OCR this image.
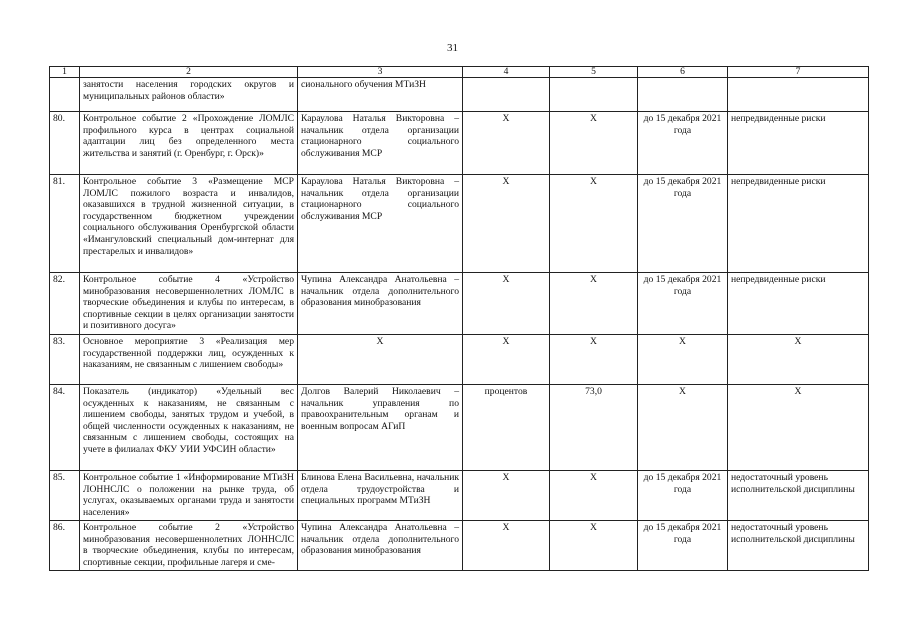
31
1	2	3	4	5	6	7
	занятости населения городских округов и муниципальных районов области»	сионального обучения МТиЗН				
80.	Контрольное событие 2 «Прохождение ЛОМЛС профильного курса в центрах социальной адаптации лиц без определенного места жительства и занятий (г. Оренбург, г. Орск)»	Караулова Наталья Викторовна – начальник отдела организации стационарного социального обслуживания МСР	X	X	до 15 декабря 2021 года	непредвиденные риски
81.	Контрольное событие 3 «Размещение МСР ЛОМЛС пожилого возраста и инвалидов, оказавшихся в трудной жизненной ситуации, в государственном бюджетном учреждении социального обслуживания Оренбургской области «Имангуловский специальный дом-интернат для престарелых и инвалидов»	Караулова Наталья Викторовна – начальник отдела организации стационарного социального обслуживания МСР	X	X	до 15 декабря 2021 года	непредвиденные риски
82.	Контрольное событие 4 «Устройство минобразования несовершеннолетних ЛОМЛС в творческие объединения и клубы по интересам, в спортивные секции в целях организации занятости и позитивного досуга»	Чупина Александра Анатольевна – начальник отдела дополнительного образования минобразования	X	X	до 15 декабря 2021 года	непредвиденные риски
83.	Основное мероприятие 3 «Реализация мер государственной поддержки лиц, осужденных к наказаниям, не связанным с лишением свободы»	X	X	X	X	X
84.	Показатель (индикатор) «Удельный вес осужденных к наказаниям, не связанным с лишением свободы, занятых трудом и учебой, в общей численности осужденных к наказаниям, не связанным с лишением свободы, состоящих на учете в филиалах ФКУ УИИ УФСИН области»	Долгов Валерий Николаевич – начальник управления по правоохранительным органам и военным вопросам АГиП	процентов	73,0	X	X
85.	Контрольное событие 1 «Информирование МТиЗН ЛОННСЛС о положении на рынке труда, об услугах, оказываемых органами труда и занятости населения»	Блинова Елена Васильевна, начальник отдела трудоустройства и специальных программ МТиЗН	X	X	до 15 декабря 2021 года	недостаточный уровень исполнительской дисциплины
86.	Контрольное событие 2 «Устройство минобразования несовершеннолетних ЛОННСЛС в творческие объединения, клубы по интересам, спортивные секции, профильные лагеря и сме-	Чупина Александра Анатольевна – начальник отдела дополнительного образования минобразования	X	X	до 15 декабря 2021 года	недостаточный уровень исполнительской дисциплины
